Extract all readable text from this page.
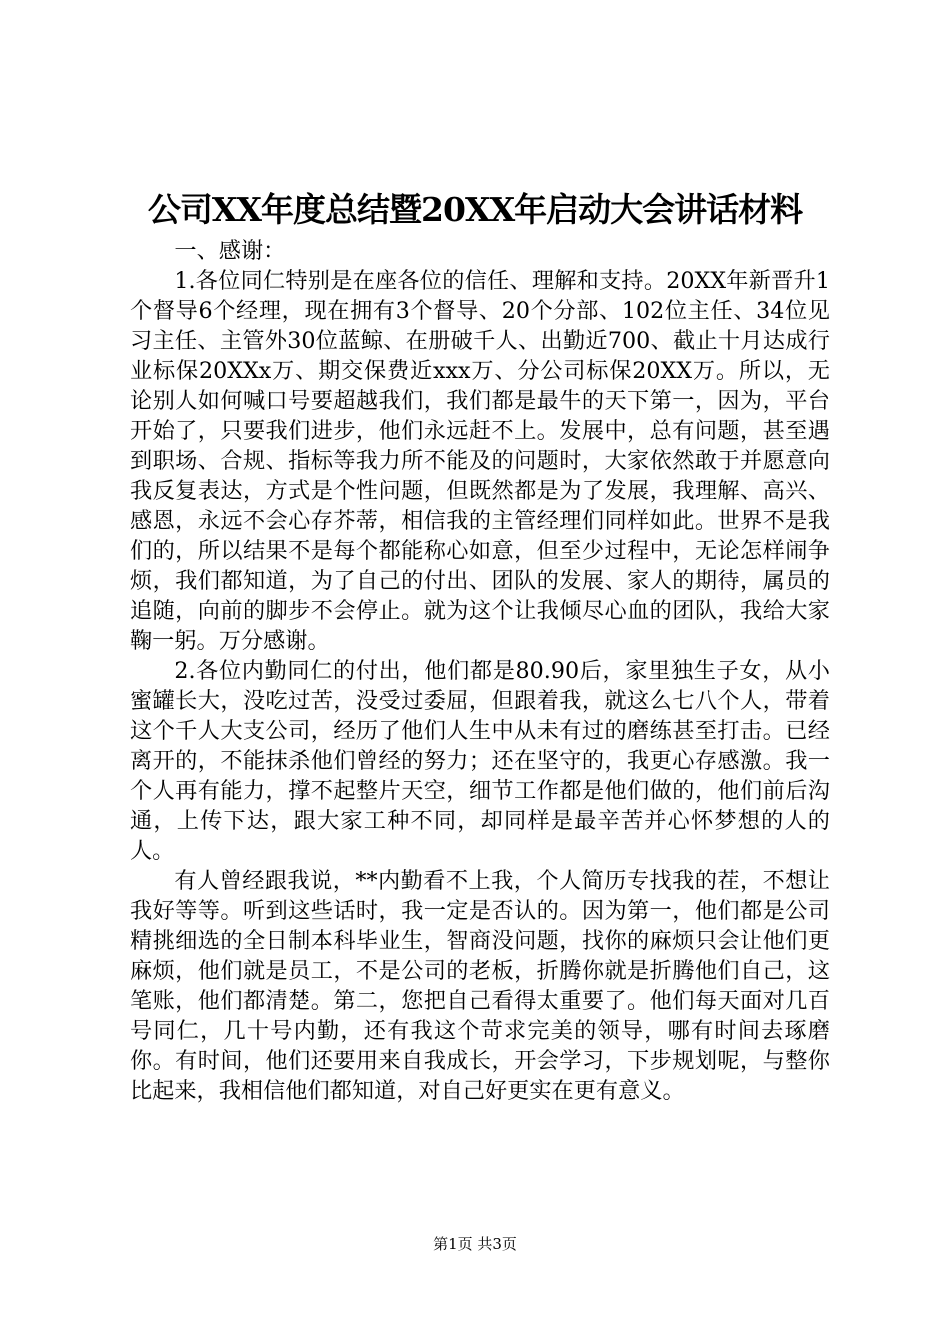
公司XX年度总结暨20XX年启动大会讲话材料

一、感谢：

1.各位同仁特别是在座各位的信任、理解和支持。20XX年新晋升1个督导6个经理，现在拥有3个督导、20个分部、102位主任、34位见习主任、主管外30位蓝鲸、在册破千人、出勤近700、截止十月达成行业标保20XXx万、期交保费近xxx万、分公司标保20XX万。所以，无论别人如何喊口号要超越我们，我们都是最牛的天下第一，因为，平台开始了，只要我们进步，他们永远赶不上。发展中，总有问题，甚至遇到职场、合规、指标等我力所不能及的问题时，大家依然敢于并愿意向我反复表达，方式是个性问题，但既然都是为了发展，我理解、高兴、感恩，永远不会心存芥蒂，相信我的主管经理们同样如此。世界不是我们的，所以结果不是每个都能称心如意，但至少过程中，无论怎样闹争烦，我们都知道，为了自己的付出、团队的发展、家人的期待，属员的追随，向前的脚步不会停止。就为这个让我倾尽心血的团队，我给大家鞠一躬。万分感谢。

2.各位内勤同仁的付出，他们都是80.90后，家里独生子女，从小蜜罐长大，没吃过苦，没受过委屈，但跟着我，就这么七八个人，带着这个千人大支公司，经历了他们人生中从未有过的磨练甚至打击。已经离开的，不能抹杀他们曾经的努力；还在坚守的，我更心存感激。我一个人再有能力，撑不起整片天空，细节工作都是他们做的，他们前后沟通，上传下达，跟大家工种不同，却同样是最辛苦并心怀梦想的人的人。

有人曾经跟我说，**内勤看不上我，个人简历专找我的茬，不想让我好等等。听到这些话时，我一定是否认的。因为第一，他们都是公司精挑细选的全日制本科毕业生，智商没问题，找你的麻烦只会让他们更麻烦，他们就是员工，不是公司的老板，折腾你就是折腾他们自己，这笔账，他们都清楚。第二，您把自己看得太重要了。他们每天面对几百号同仁，几十号内勤，还有我这个苛求完美的领导，哪有时间去琢磨你。有时间，他们还要用来自我成长，开会学习，下步规划呢，与整你比起来，我相信他们都知道，对自己好更实在更有意义。

第1页 共3页
